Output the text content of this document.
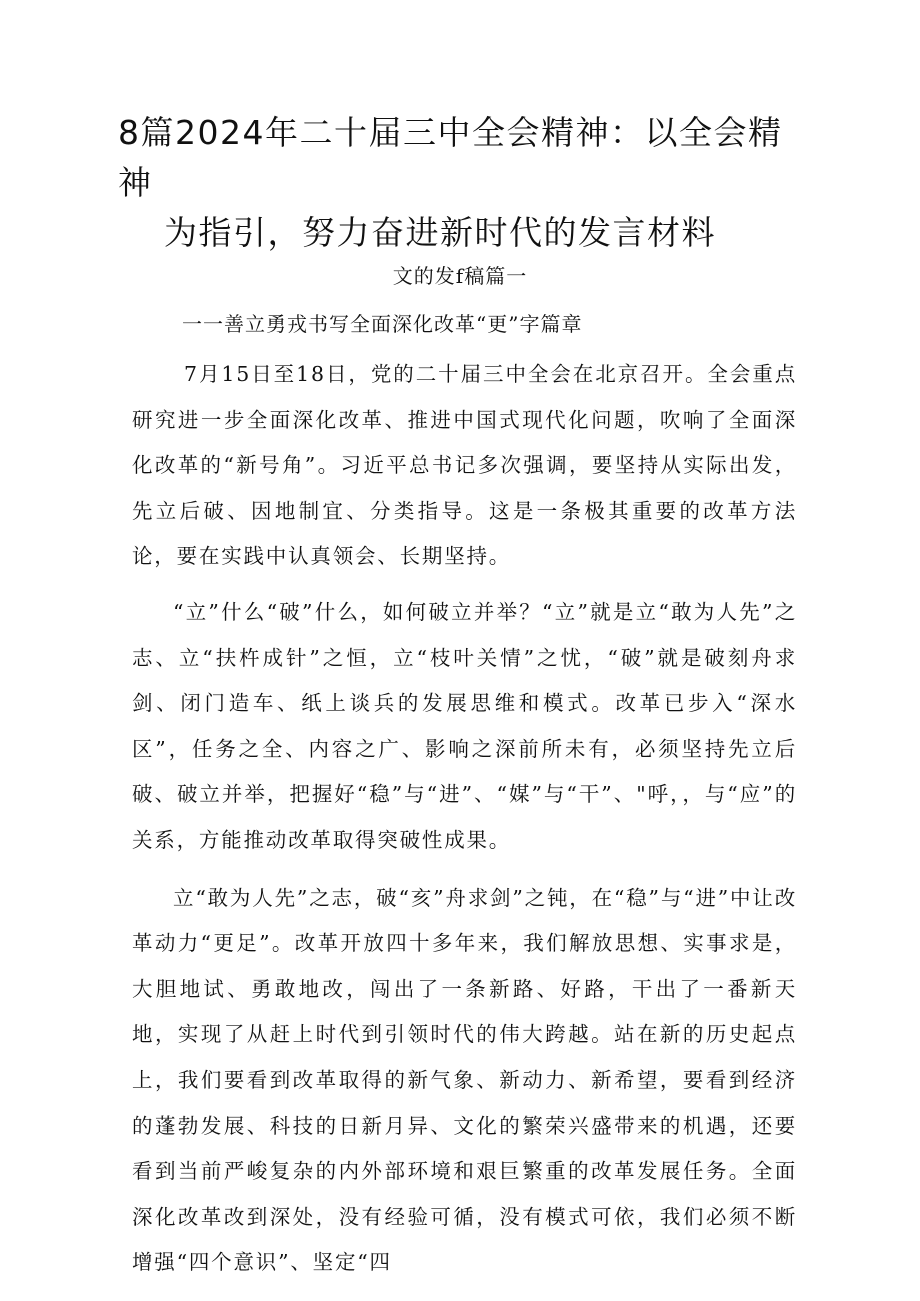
8篇2024年二十届三中全会精神：以全会精神
为指引，努力奋进新时代的发言材料
文的发f稿篇一
一一善立勇戎书写全面深化改革“更”字篇章

7月15日至18日，党的二十届三中全会在北京召开。全会重点研究进一步全面深化改革、推进中国式现代化问题，吹响了全面深化改革的“新号角”。习近平总书记多次强调，要坚持从实际出发，先立后破、因地制宜、分类指导。这是一条极其重要的改革方法论，要在实践中认真领会、长期坚持。

“立”什么“破”什么，如何破立并举？“立”就是立“敢为人先”之志、立“扶杵成针”之恒，立“枝叶关情”之忧，“破”就是破刻舟求剑、闭门造车、纸上谈兵的发展思维和模式。改革已步入“深水区”，任务之全、内容之广、影响之深前所未有，必须坚持先立后破、破立并举，把握好“稳”与“进”、“媒”与“干”、"呼，，与“应”的关系，方能推动改革取得突破性成果。

立“敢为人先”之志，破“亥”舟求剑”之钝，在“稳”与“进”中让改革动力“更足”。改革开放四十多年来，我们解放思想、实事求是，大胆地试、勇敢地改，闯出了一条新路、好路，干出了一番新天地，实现了从赶上时代到引领时代的伟大跨越。站在新的历史起点上，我们要看到改革取得的新气象、新动力、新希望，要看到经济的蓬勃发展、科技的日新月异、文化的繁荣兴盛带来的机遇，还要看到当前严峻复杂的内外部环境和艰巨繁重的改革发展任务。全面深化改革改到深处，没有经验可循，没有模式可依，我们必须不断增强“四个意识”、坚定“四
